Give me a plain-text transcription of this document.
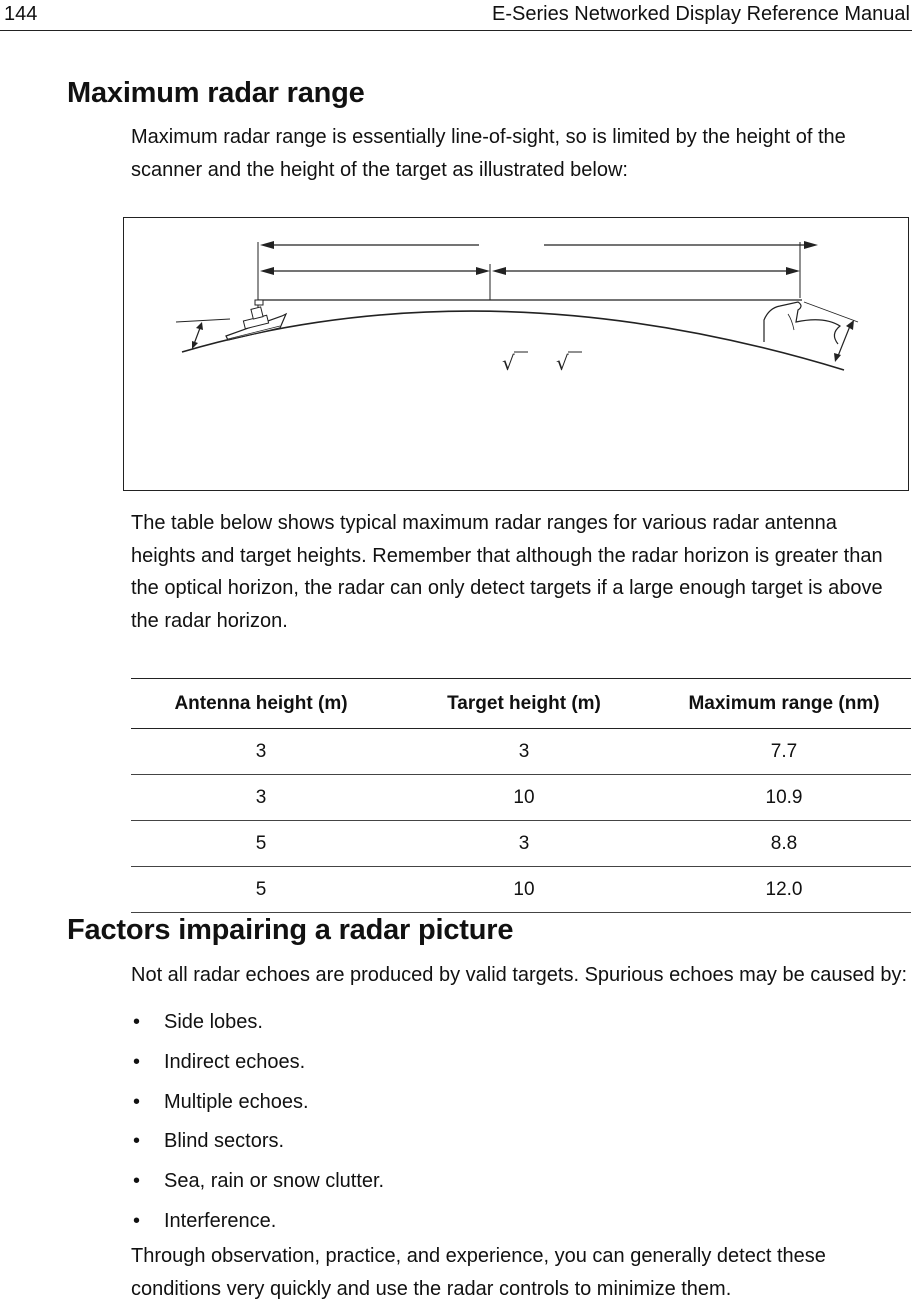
144	E-Series Networked Display Reference Manual
Maximum radar range

Maximum radar range is essentially line-of-sight, so is limited by the height of the
scanner and the height of the target as illustrated below:

√ √

The table below shows typical maximum radar ranges for various radar antenna
heights and target heights. Remember that although the radar horizon is greater than
the optical horizon, the radar can only detect targets if a large enough target is above
the radar horizon.

Antenna height (m)	Target height (m)	Maximum range (nm)
3	3	7.7
3	10	10.9
5	3	8.8
5	10	12.0
Factors impairing a radar picture

Not all radar echoes are produced by valid targets. Spurious echoes may be caused by:

• Side lobes.
• Indirect echoes.
• Multiple echoes.
• Blind sectors.
• Sea, rain or snow clutter.
• Interference.

Through observation, practice, and experience, you can generally detect these
conditions very quickly and use the radar controls to minimize them.
